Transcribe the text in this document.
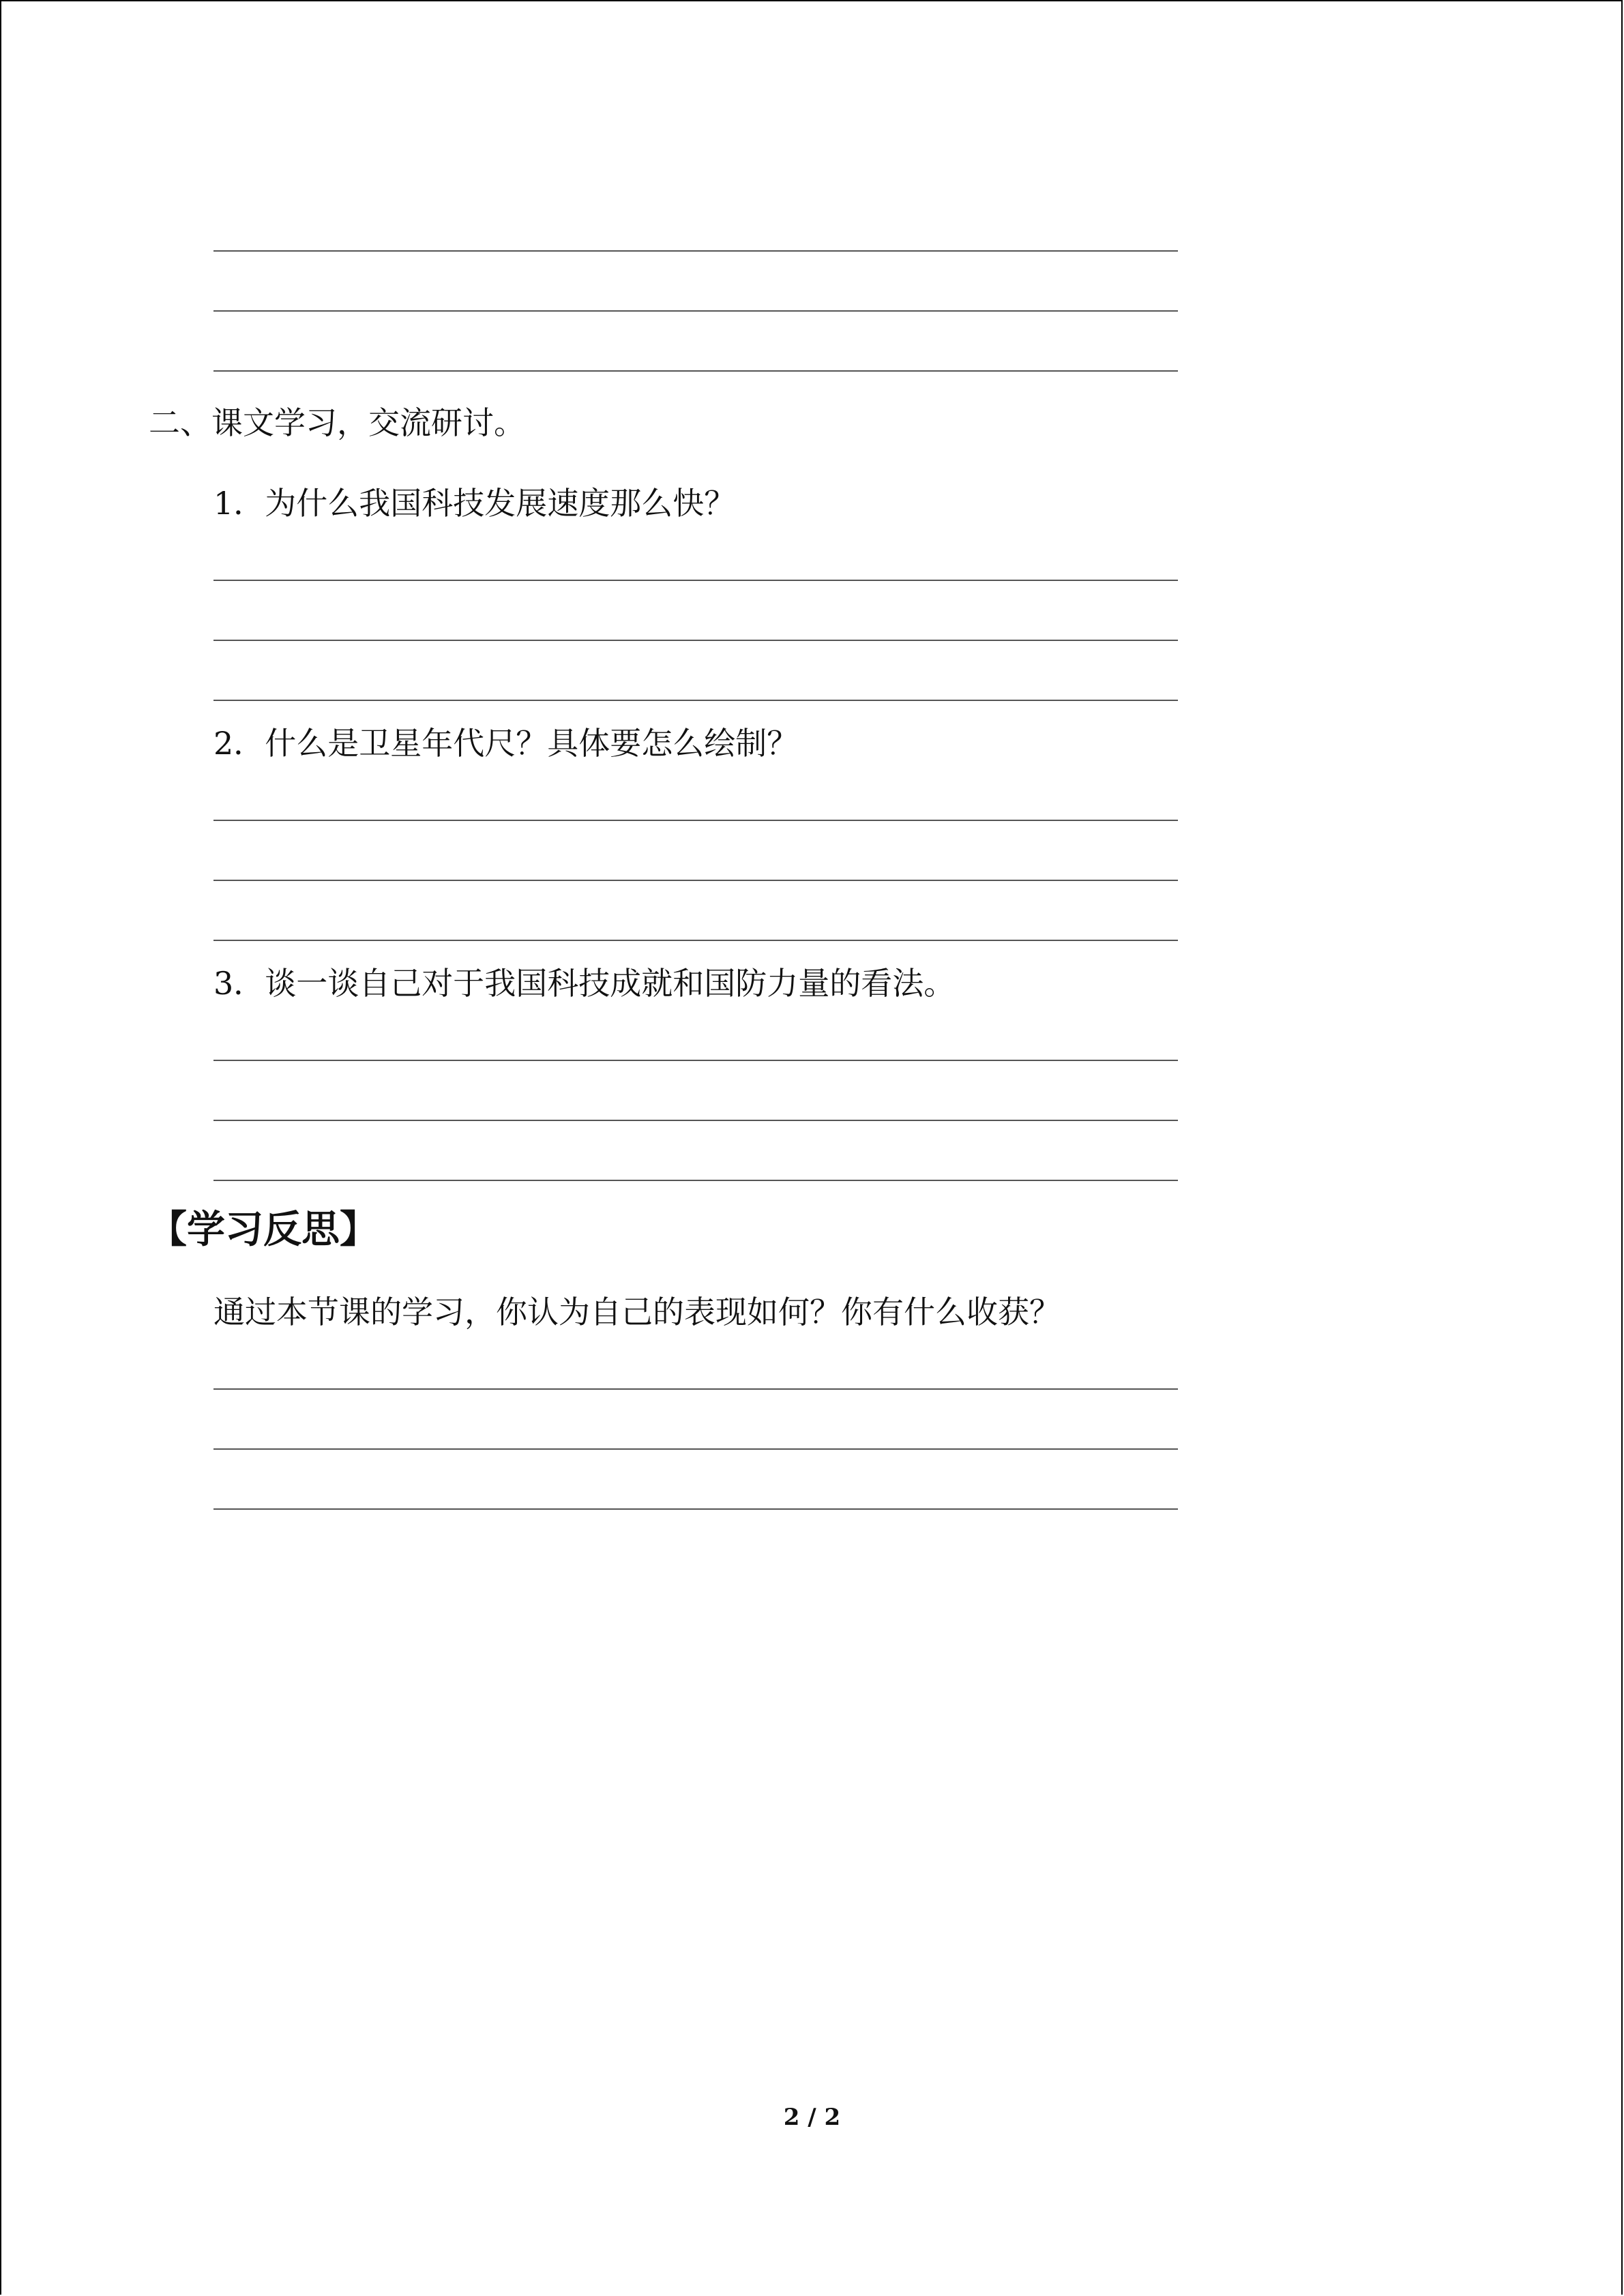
二、课文学习，交流研讨。
1．为什么我国科技发展速度那么快？
2．什么是卫星年代尺？具体要怎么绘制？
3．谈一谈自己对于我国科技成就和国防力量的看法。
【学习反思】
通过本节课的学习，你认为自己的表现如何？你有什么收获？
2 / 2
